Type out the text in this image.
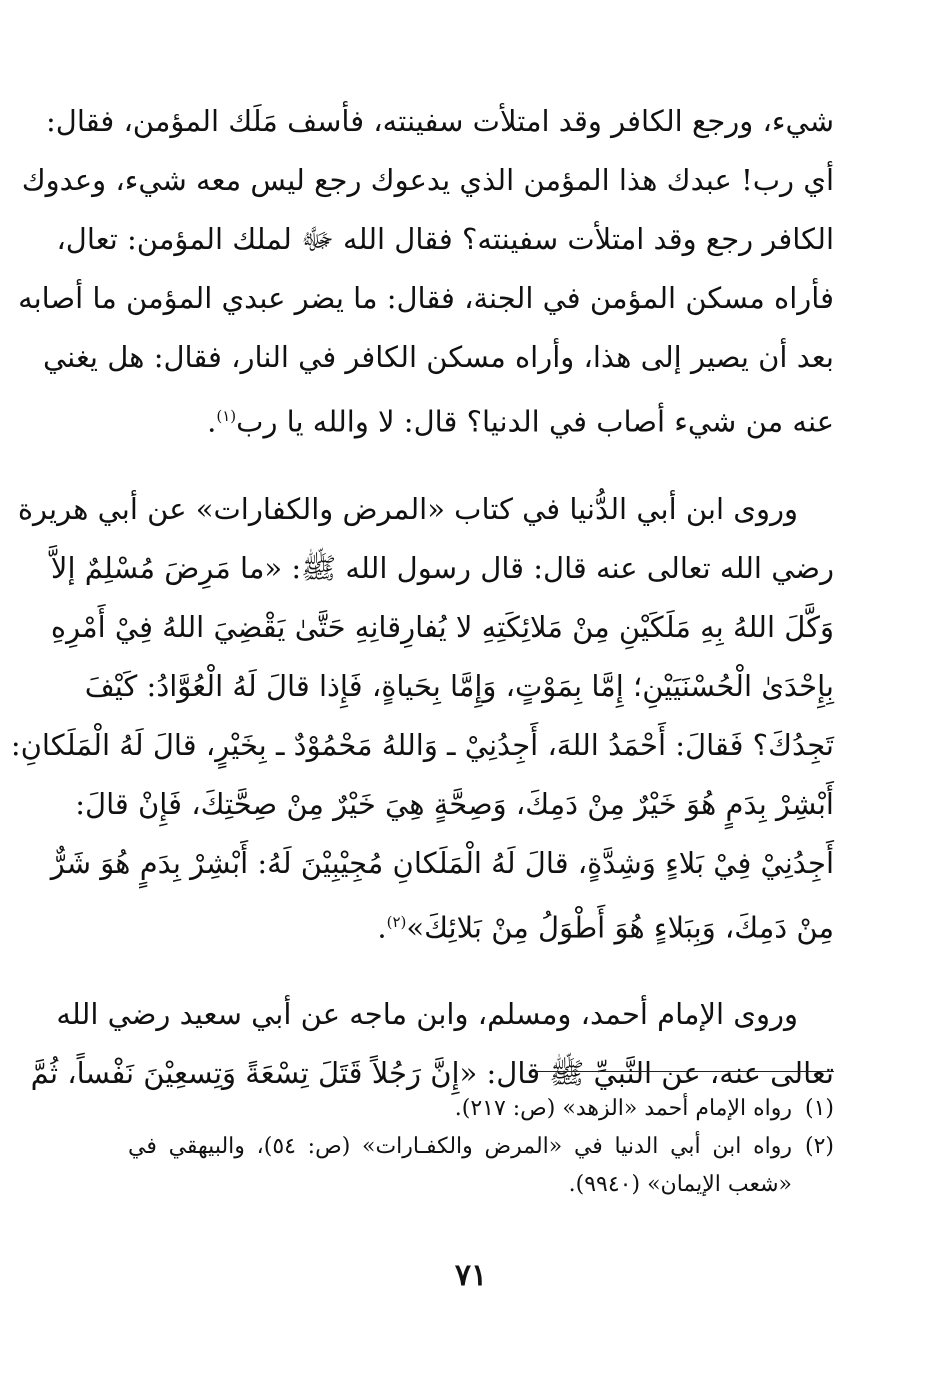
شيء، ورجع الكافر وقد امتلأت سفينته، فأسف مَلَك المؤمن، فقال:
أي رب! عبدك هذا المؤمن الذي يدعوك رجع ليس معه شيء، وعدوك
الكافر رجع وقد امتلأت سفينته؟ فقال الله ﷻ لملك المؤمن: تعال،
فأراه مسكن المؤمن في الجنة، فقال: ما يضر عبدي المؤمن ما أصابه
بعد أن يصير إلى هذا، وأراه مسكن الكافر في النار، فقال: هل يغني
عنه من شيء أصاب في الدنيا؟ قال: لا والله يا رب$^{(١)}$.
وروى ابن أبي الدُّنيا في كتاب «المرض والكفارات» عن أبي هريرة
رضي الله تعالى عنه قال: قال رسول الله ﷺ: «ما مَرِضَ مُسْلِمٌ إلاَّ
وَكَّلَ اللهُ بِهِ مَلَكَيْنِ مِنْ مَلائِكَتِهِ لا يُفارِقانِهِ حَتَّىٰ يَقْضِيَ اللهُ فِيْ أَمْرِهِ
بِإِحْدَىٰ الْحُسْنَيَيْنِ؛ إِمَّا بِمَوْتٍ، وَإِمَّا بِحَياةٍ، فَإِذا قالَ لَهُ الْعُوَّادُ: كَيْفَ
تَجِدُكَ؟ فَقالَ: أَحْمَدُ اللهَ، أَجِدُنِيْ ـ وَاللهُ مَحْمُوْدٌ ـ بِخَيْرٍ، قالَ لَهُ الْمَلَكانِ:
أَبْشِرْ بِدَمٍ هُوَ خَيْرٌ مِنْ دَمِكَ، وَصِحَّةٍ هِيَ خَيْرٌ مِنْ صِحَّتِكَ، فَإِنْ قالَ:
أَجِدُنِيْ فِيْ بَلاءٍ وَشِدَّةٍ، قالَ لَهُ الْمَلَكانِ مُجِيْبِيْنَ لَهُ: أَبْشِرْ بِدَمٍ هُوَ شَرٌّ
مِنْ دَمِكَ، وَبِبَلاءٍ هُوَ أَطْوَلُ مِنْ بَلائِكَ»$^{(٢)}$.
وروى الإمام أحمد، ومسلم، وابن ماجه عن أبي سعيد رضي الله
تعالى عنه، عن النَّبيِّ ﷺ قال: «إِنَّ رَجُلاً قَتَلَ تِسْعَةً وَتِسعِيْنَ نَفْساً، ثُمَّ
(١)رواه الإمام أحمد «الزهد» (ص: ٢١٧).
(٢)رواه ابن أبي الدنيا في «المرض والكفـارات» (ص: ٥٤)، والبيهقي في
«شعب الإيمان» (٩٩٤٠).
٧١
